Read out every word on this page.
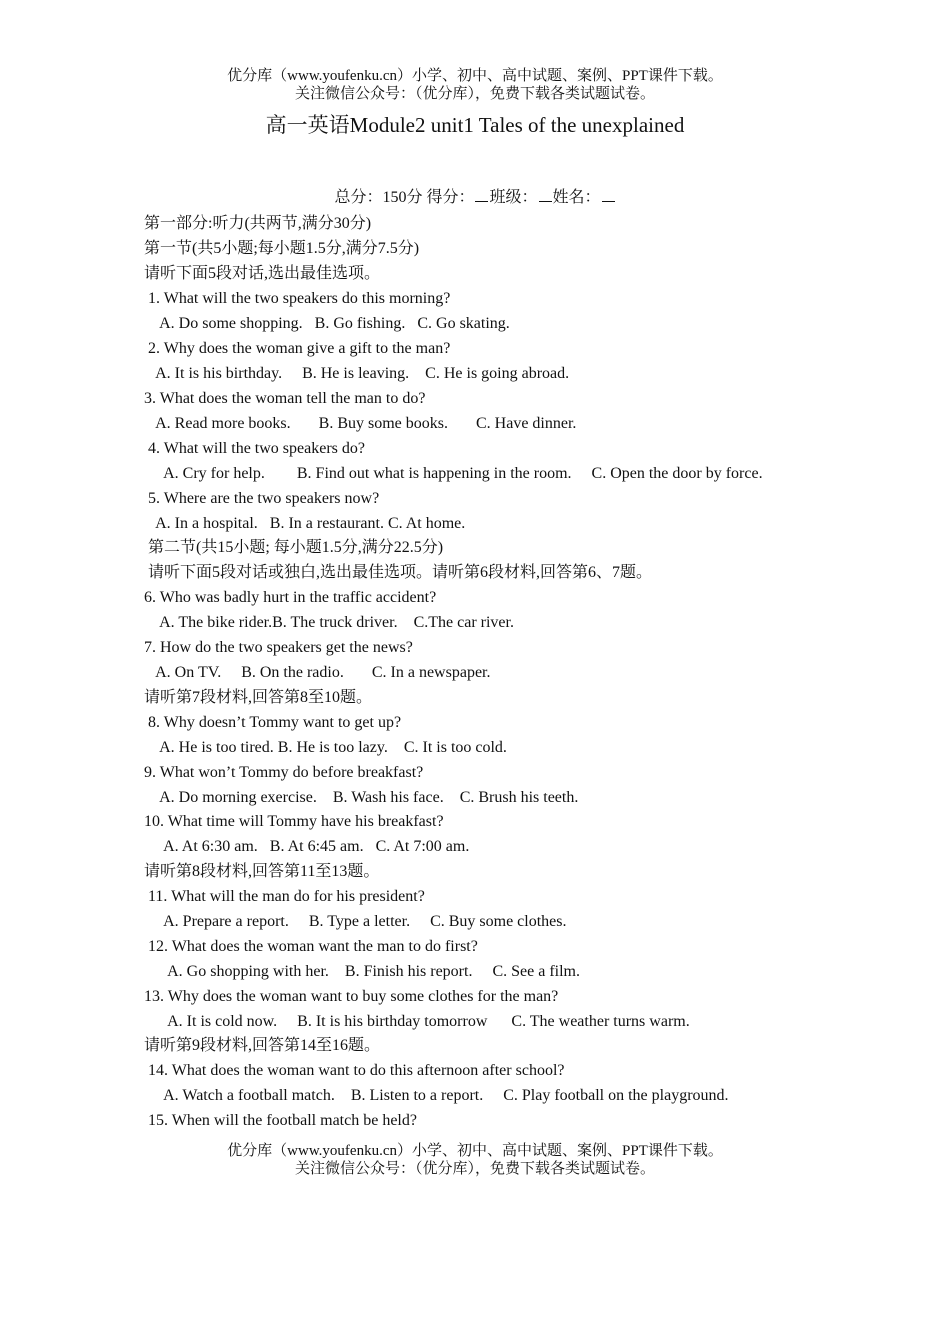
优分库（www.youfenku.cn）小学、初中、高中试题、案例、PPT课件下载。
关注微信公众号：（优分库），免费下载各类试题试卷。
高一英语Module2 unit1 Tales of the unexplained
总分：150分 得分： 班级： 姓名：
第一部分:听力(共两节,满分30分)
第一节(共5小题;每小题1.5分,满分7.5分)
请听下面5段对话,选出最佳选项。
1. What will the two speakers do this morning?
A. Do some shopping.   B. Go fishing.   C. Go skating.
2. Why does the woman give a gift to the man?
A. It is his birthday.     B. He is leaving.    C. He is going abroad.
3. What does the woman tell the man to do?
A. Read more books.       B. Buy some books.       C. Have dinner.
4. What will the two speakers do?
A. Cry for help.        B. Find out what is happening in the room.     C. Open the door by force.
5. Where are the two speakers now?
A. In a hospital.   B. In a restaurant. C. At home.
第二节(共15小题; 每小题1.5分,满分22.5分)
请听下面5段对话或独白,选出最佳选项。请听第6段材料,回答第6、7题。
6. Who was badly hurt in the traffic accident?
A. The bike rider.B. The truck driver.    C.The car river.
7. How do the two speakers get the news?
A. On TV.     B. On the radio.       C. In a newspaper.
请听第7段材料,回答第8至10题。
8. Why doesn’t Tommy want to get up?
A. He is too tired. B. He is too lazy.    C. It is too cold.
9. What won’t Tommy do before breakfast?
A. Do morning exercise.    B. Wash his face.    C. Brush his teeth.
10. What time will Tommy have his breakfast?
A. At 6:30 am.   B. At 6:45 am.   C. At 7:00 am.
请听第8段材料,回答第11至13题。
11. What will the man do for his president?
A. Prepare a report.     B. Type a letter.     C. Buy some clothes.
12. What does the woman want the man to do first?
A. Go shopping with her.    B. Finish his report.     C. See a film.
13. Why does the woman want to buy some clothes for the man?
A. It is cold now.     B. It is his birthday tomorrow      C. The weather turns warm.
请听第9段材料,回答第14至16题。
14. What does the woman want to do this afternoon after school?
A. Watch a football match.    B. Listen to a report.     C. Play football on the playground.
15. When will the football match be held?
优分库（www.youfenku.cn）小学、初中、高中试题、案例、PPT课件下载。
关注微信公众号：（优分库），免费下载各类试题试卷。
